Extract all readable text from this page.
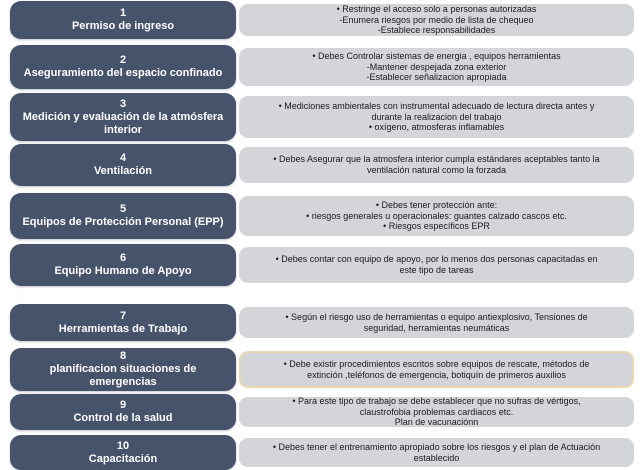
1
Permiso de ingreso
• Restringe el acceso solo a personas autorizadas
-Enumera riesgos por medio de lista de chequeo
-Establece responsabilidades
2
Aseguramiento del espacio confinado
• Debes Controlar sistemas de energia , equipos herramientas
-Mantener despejada zona exterior
-Establecer señalizacion apropiada
3
Medición y evaluación de la atmósfera interior
• Mediciones ambientales con instrumental adecuado de lectura directa antes y
durante la realizacion del trabajo
• oxígeno, atmosferas inflamables
4
Ventilación
• Debes Asegurar que la atmosfera interior cumpla estándares aceptables tanto la
ventilación natural como la forzada
5
Equipos de Protección Personal (EPP)
• Debes tener protección ante:
• riesgos generales u operacionales: guantes calzado cascos etc.
• Riesgos específicos EPR
6
Equipo Humano de Apoyo
• Debes contar con equipo de apoyo, por lo menos dos personas capacitadas en
este tipo de tareas
7
Herramientas de Trabajo
• Según el riesgo uso de herramientas o equipo antiexplosivo, Tensiones de
seguridad, herramientas neumáticas
8
planificacion situaciones de emergencias
• Debe existir procedimientos escritos sobre equipos de rescate, métodos de
extinción ,teléfonos de emergencia, botiquín de primeros auxilios
9
Control de la salud
• Para este tipo de trabajo se debe establecer que no sufras de vértigos,
claustrofobia problemas cardiacos etc.
Plan de vacunaciónn
10
Capacitación
• Debes tener el entrenamiento apropiado sobre los riesgos y el plan de Actuación
establecido
